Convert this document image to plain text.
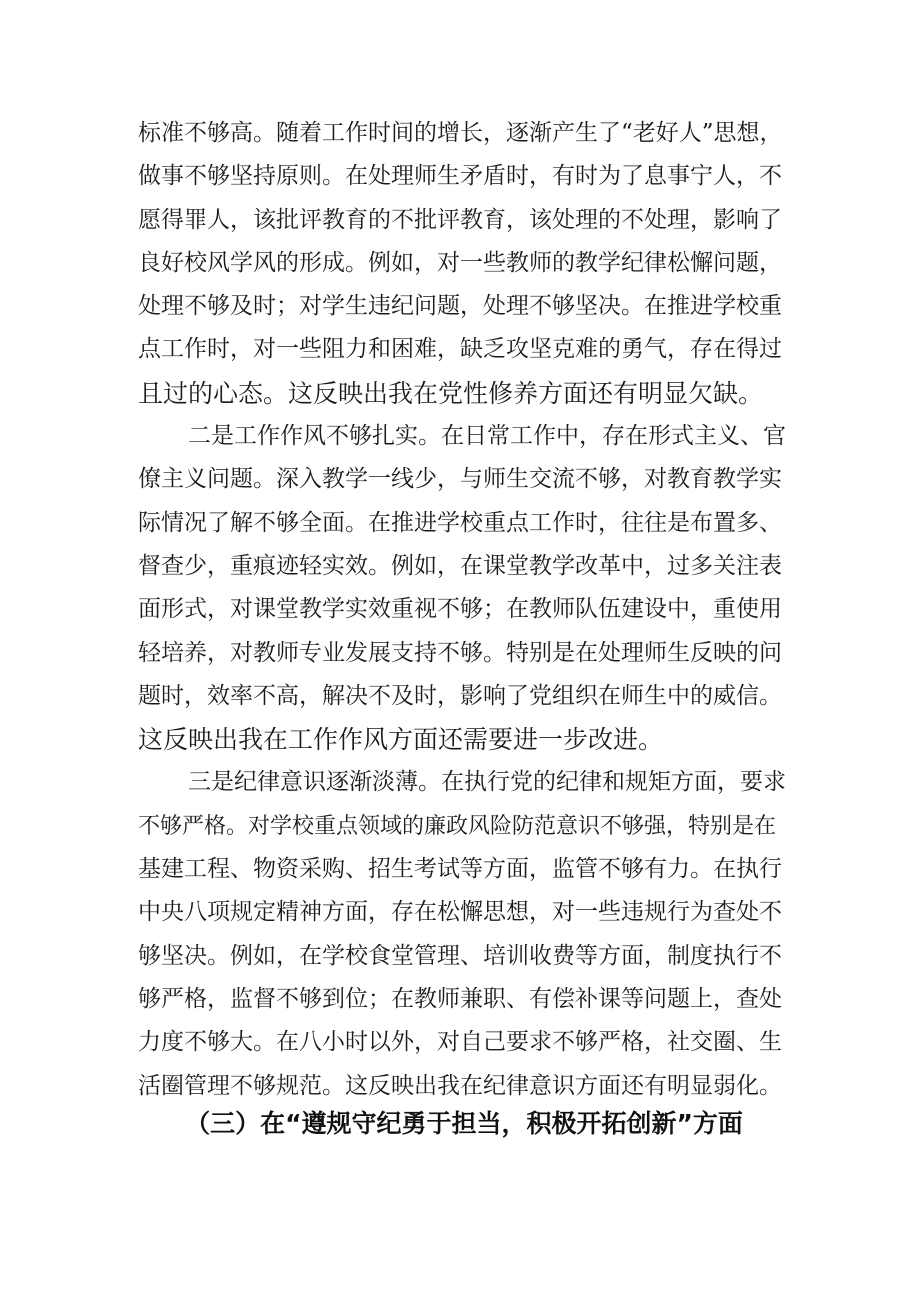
标准不够高。随着工作时间的增长，逐渐产生了“老好人”思想，
做事不够坚持原则。在处理师生矛盾时，有时为了息事宁人，不
愿得罪人，该批评教育的不批评教育，该处理的不处理，影响了
良好校风学风的形成。例如，对一些教师的教学纪律松懈问题，
处理不够及时；对学生违纪问题，处理不够坚决。在推进学校重
点工作时，对一些阻力和困难，缺乏攻坚克难的勇气，存在得过
且过的心态。这反映出我在党性修养方面还有明显欠缺。
二是工作作风不够扎实。在日常工作中，存在形式主义、官
僚主义问题。深入教学一线少，与师生交流不够，对教育教学实
际情况了解不够全面。在推进学校重点工作时，往往是布置多、
督查少，重痕迹轻实效。例如，在课堂教学改革中，过多关注表
面形式，对课堂教学实效重视不够；在教师队伍建设中，重使用
轻培养，对教师专业发展支持不够。特别是在处理师生反映的问
题时，效率不高，解决不及时，影响了党组织在师生中的威信。
这反映出我在工作作风方面还需要进一步改进。
三是纪律意识逐渐淡薄。在执行党的纪律和规矩方面，要求
不够严格。对学校重点领域的廉政风险防范意识不够强，特别是在
基建工程、物资采购、招生考试等方面，监管不够有力。在执行
中央八项规定精神方面，存在松懈思想，对一些违规行为查处不
够坚决。例如，在学校食堂管理、培训收费等方面，制度执行不
够严格，监督不够到位；在教师兼职、有偿补课等问题上，查处
力度不够大。在八小时以外，对自己要求不够严格，社交圈、生
活圈管理不够规范。这反映出我在纪律意识方面还有明显弱化。
（三）在“遵规守纪勇于担当，积极开拓创新”方面
